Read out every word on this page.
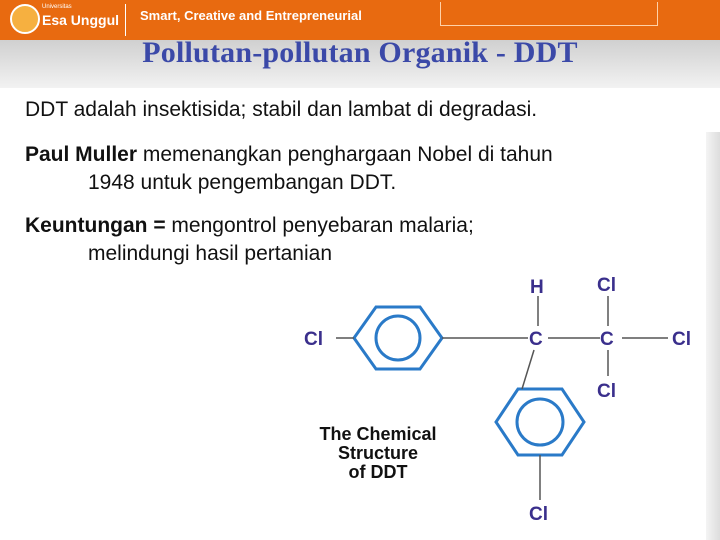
Universitas
Esa Unggul Smart, Creative and Entrepreneurial
Pollutan-pollutan Organik - DDT
DDT adalah insektisida; stabil dan lambat di degradasi.
Paul Muller memenangkan penghargaan Nobel di tahun
1948 untuk pengembangan DDT.
Keuntungan = mengontrol penyebaran malaria;
melindungi hasil pertanian
Cl
H
C	C
Cl
Cl
Cl
Cl
The Chemical
Structure
of DDT
